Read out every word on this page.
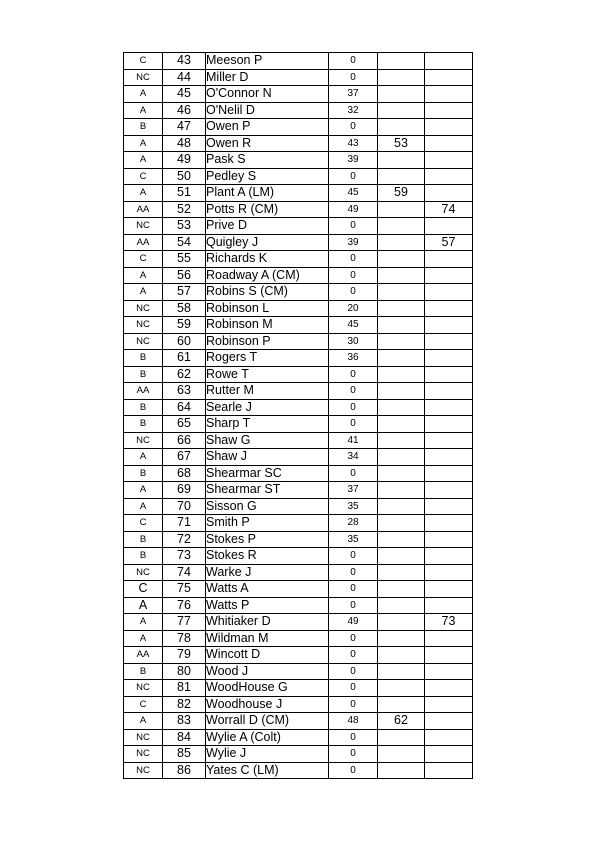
C	43	Meeson P	0		
NC	44	Miller D	0		
A	45	O'Connor N	37		
A	46	O'Nelil D	32		
B	47	Owen P	0		
A	48	Owen R	43	53	
A	49	Pask S	39		
C	50	Pedley S	0		
A	51	Plant A (LM)	45	59	
AA	52	Potts R (CM)	49		74
NC	53	Prive D	0		
AA	54	Quigley J	39		57
C	55	Richards K	0		
A	56	Roadway A (CM)	0		
A	57	Robins S (CM)	0		
NC	58	Robinson L	20		
NC	59	Robinson M	45		
NC	60	Robinson P	30		
B	61	Rogers T	36		
B	62	Rowe T	0		
AA	63	Rutter M	0		
B	64	Searle J	0		
B	65	Sharp T	0		
NC	66	Shaw G	41		
A	67	Shaw J	34		
B	68	Shearmar SC	0		
A	69	Shearmar ST	37		
A	70	Sisson G	35		
C	71	Smith P	28		
B	72	Stokes P	35		
B	73	Stokes R	0		
NC	74	Warke J	0		
C	75	Watts A	0		
A	76	Watts P	0		
A	77	Whitiaker D	49		73
A	78	Wildman M	0		
AA	79	Wincott D	0		
B	80	Wood J	0		
NC	81	WoodHouse G	0		
C	82	Woodhouse J	0		
A	83	Worrall D (CM)	48	62	
NC	84	Wylie A (Colt)	0		
NC	85	Wylie J	0		
NC	86	Yates C (LM)	0		
